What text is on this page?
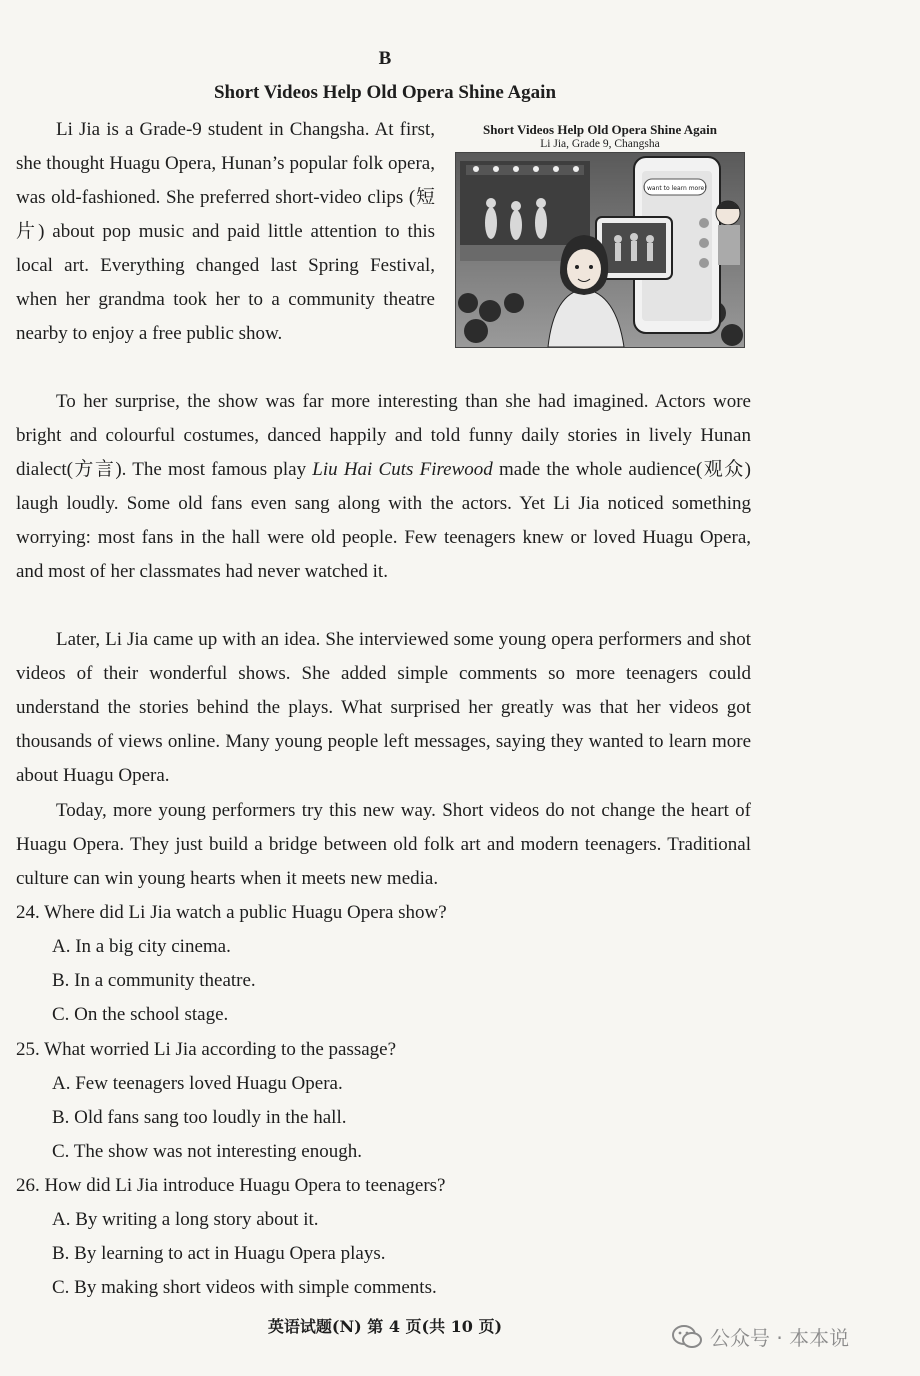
B
Short Videos Help Old Opera Shine Again
Short Videos Help Old Opera Shine Again
Li Jia, Grade 9, Changsha
I want to learn more!

Li Jia is a Grade-9 student in Changsha. At first, she thought Huagu Opera, Hunan’s popular folk opera, was old-fashioned. She preferred short-video clips (短片) about pop music and paid little attention to this local art. Everything changed last Spring Festival, when her grandma took her to a community theatre nearby to enjoy a free public show.

To her surprise, the show was far more interesting than she had imagined. Actors wore bright and colourful costumes, danced happily and told funny daily stories in lively Hunan dialect(方言). The most famous play Liu Hai Cuts Firewood made the whole audience(观众) laugh loudly. Some old fans even sang along with the actors. Yet Li Jia noticed something worrying: most fans in the hall were old people. Few teenagers knew or loved Huagu Opera, and most of her classmates had never watched it.

Later, Li Jia came up with an idea. She interviewed some young opera performers and shot videos of their wonderful shows. She added simple comments so more teenagers could understand the stories behind the plays. What surprised her greatly was that her videos got thousands of views online. Many young people left messages, saying they wanted to learn more about Huagu Opera.

Today, more young performers try this new way. Short videos do not change the heart of Huagu Opera. They just build a bridge between old folk art and modern teenagers. Traditional culture can win young hearts when it meets new media.

24. Where did Li Jia watch a public Huagu Opera show?

A. In a big city cinema.

B. In a community theatre.

C. On the school stage.

25. What worried Li Jia according to the passage?

A. Few teenagers loved Huagu Opera.

B. Old fans sang too loudly in the hall.

C. The show was not interesting enough.

26. How did Li Jia introduce Huagu Opera to teenagers?

A. By writing a long story about it.

B. By learning to act in Huagu Opera plays.

C. By making short videos with simple comments.

英语试题(N) 第 4 页(共 10 页)	公众号 · 本本说
